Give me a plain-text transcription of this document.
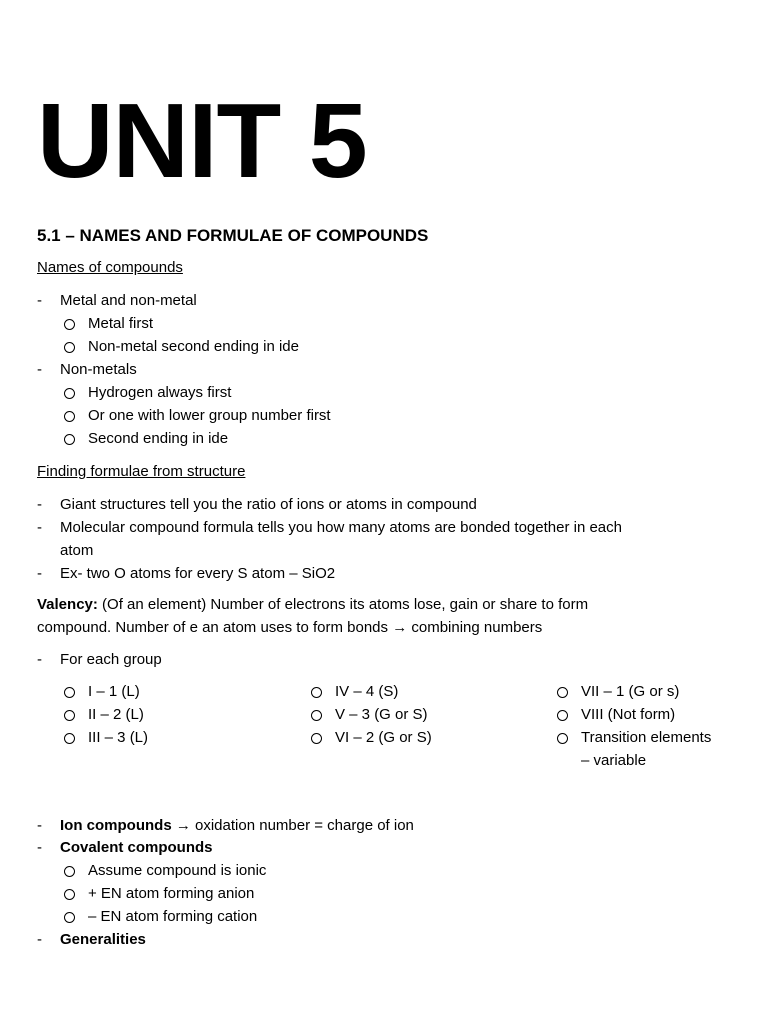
UNIT 5
5.1 – NAMES AND FORMULAE OF COMPOUNDS

Names of compounds

- Metal and non-metal
Metal first
Non-metal second ending in ide
- Non-metals
Hydrogen always first
Or one with lower group number first
Second ending in ide

Finding formulae from structure

- Giant structures tell you the ratio of ions or atoms in compound
- Molecular compound formula tells you how many atoms are bonded together in each
atom
- Ex- two O atoms for every S atom – SiO2

Valency: (Of an element) Number of electrons its atoms lose, gain or share to form
compound. Number of e an atom uses to form bonds → combining numbers

- For each group
I – 1 (L)
II – 2 (L)
III – 3 (L)
IV – 4 (S)
V – 3 (G or S)
VI – 2 (G or S)
VII – 1 (G or s)
VIII (Not form)
Transition elements
– variable
- Ion compounds → oxidation number = charge of ion
- Covalent compounds
Assume compound is ionic
+ EN atom forming anion
– EN atom forming cation
- Generalities
